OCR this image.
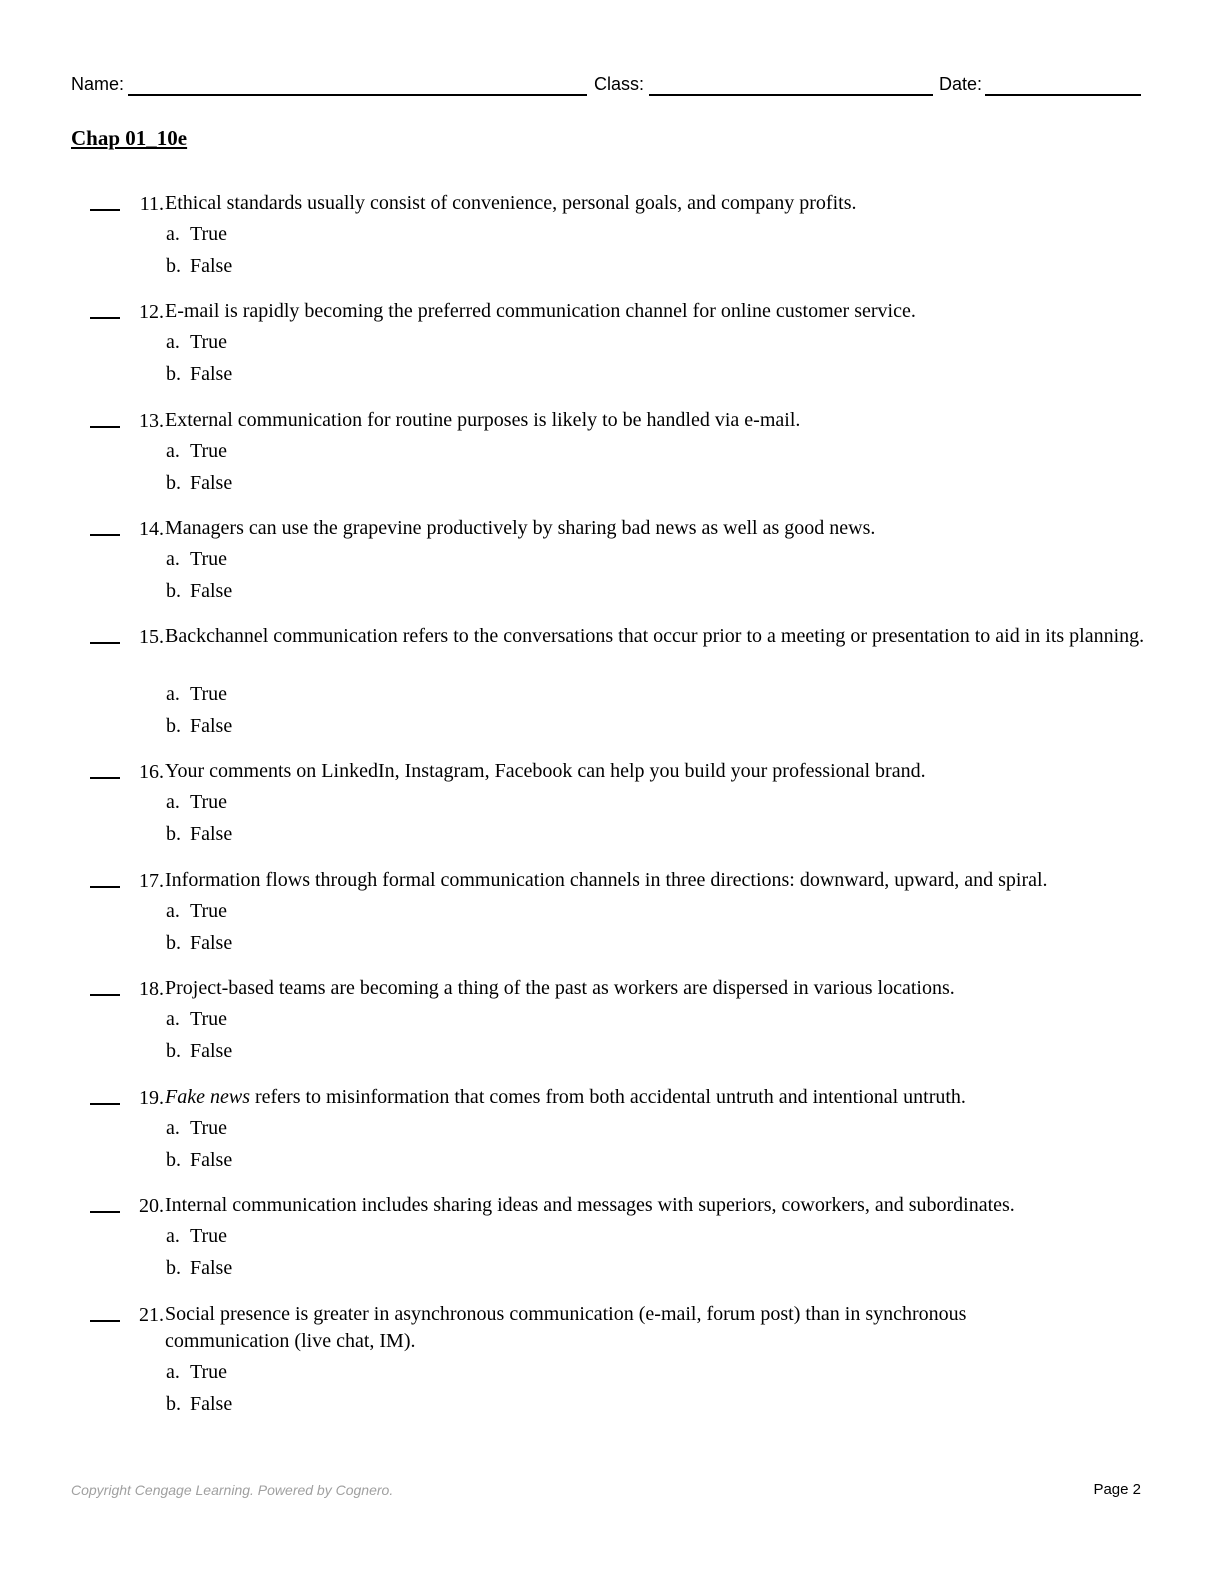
Name:	Class:	Date:
Chap 01_10e
11. Ethical standards usually consist of convenience, personal goals, and company profits.
a. True
b. False
12. E-mail is rapidly becoming the preferred communication channel for online customer service.
a. True
b. False
13. External communication for routine purposes is likely to be handled via e-mail.
a. True
b. False
14. Managers can use the grapevine productively by sharing bad news as well as good news.
a. True
b. False
15. Backchannel communication refers to the conversations that occur prior to a meeting or presentation to aid in its planning.
a. True
b. False
16. Your comments on LinkedIn, Instagram, Facebook can help you build your professional brand.
a. True
b. False
17. Information flows through formal communication channels in three directions: downward, upward, and spiral.
a. True
b. False
18. Project-based teams are becoming a thing of the past as workers are dispersed in various locations.
a. True
b. False
19. Fake news refers to misinformation that comes from both accidental untruth and intentional untruth.
a. True
b. False
20. Internal communication includes sharing ideas and messages with superiors, coworkers, and subordinates.
a. True
b. False
21. Social presence is greater in asynchronous communication (e-mail, forum post) than in synchronous communication (live chat, IM).
a. True
b. False
Copyright Cengage Learning. Powered by Cognero.	Page 2
